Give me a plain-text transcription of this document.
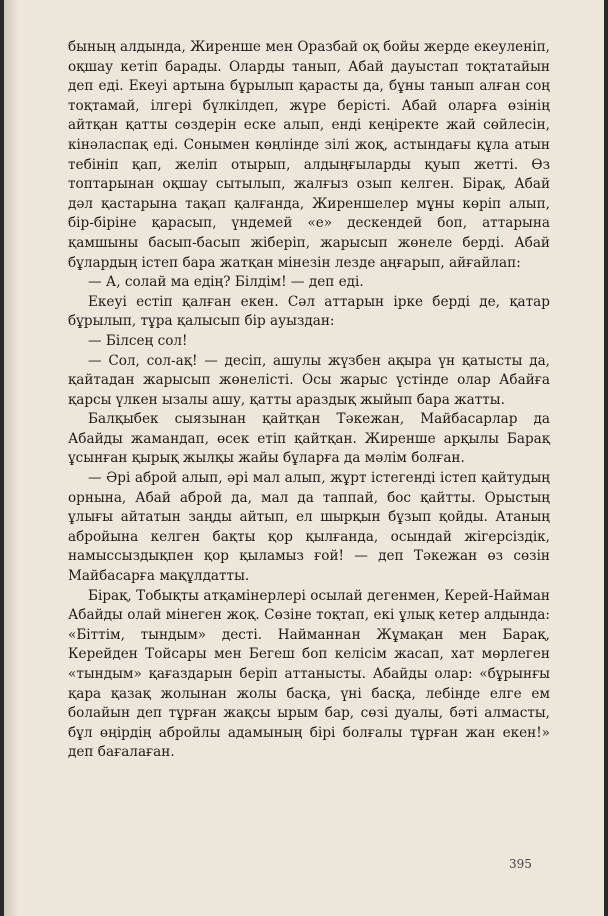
бының алдында, Жиренше мен Оразбай оқ бойы жерде екеуленіп, оқшау кетіп барады. Оларды танып, Абай дауыстап тоқтатайын деп еді. Екеуі артына бұрылып қарасты да, бұны танып алған соң тоқтамай, ілгері бүлкілдеп, жүре берісті. Абай оларға өзінің айтқан қатты сөздерін еске алып, енді кеңіректе жай сөйлесін, кінәласпақ еді. Сонымен көңлінде зілі жоқ, астындағы құла атын тебініп қап, желіп отырып, алдыңғыларды қуып жетті. Өз топтарынан оқшау сытылып, жалғыз озып келген. Бірақ, Абай дәл қастарына тақап қалғанда, Жиреншелер мұны көріп алып, бір-біріне қарасып, үндемей «е» дескендей боп, аттарына қамшыны басып-басып жіберіп, жарысып жөнеле берді. Абай бұлардың істеп бара жатқан мінезін лезде аңғарып, айғайлап:

— А, солай ма едің? Білдім! — деп еді.

Екеуі естіп қалған екен. Сәл аттарын ірке берді де, қатар бұрылып, тұра қалысып бір ауыздан:

— Білсең сол!

— Сол, сол-ақ! — десіп, ашулы жүзбен ақыра үн қатысты да, қайтадан жарысып жөнелісті. Осы жарыс үстінде олар Абайға қарсы үлкен ызалы ашу, қатты араздық жыйып бара жатты.

Балқыбек сыязынан қайтқан Тәкежан, Майбасарлар да Абайды жамандап, өсек етіп қайтқан. Жиренше арқылы Барақ ұсынған қырық жылқы жайы бұларға да мәлім болған.

— Әрі аброй алып, әрі мал алып, жұрт істегенді істеп қайтудың орнына, Абай аброй да, мал да таппай, бос қайтты. Орыстың ұлығы айтатын заңды айтып, ел шырқын бұзып қойды. Атаның абройына келген бақты қор қылғанда, осындай жігерсіздік, намыссыздықпен қор қыламыз ғой! — деп Тәкежан өз сөзін Майбасарға мақұлдатты.

Бірақ, Тобықты атқамінерлері осылай дегенмен, Керей-Найман Абайды олай мінеген жоқ. Сөзіне тоқтап, екі ұлық кетер алдында: «Біттім, тындым» десті. Найманнан Жұмақан мен Барақ, Керейден Тойсары мен Бегеш боп келісім жасап, хат мөрлеген «тындым» қағаздарын беріп аттанысты. Абайды олар: «бұрынғы қара қазақ жолынан жолы басқа, үні басқа, лебінде елге ем болайын деп тұрған жақсы ырым бар, сөзі дуалы, бәті алмасты, бұл өңірдің абройлы адамының бірі болғалы тұрған жан екен!» деп бағалаған.

395
